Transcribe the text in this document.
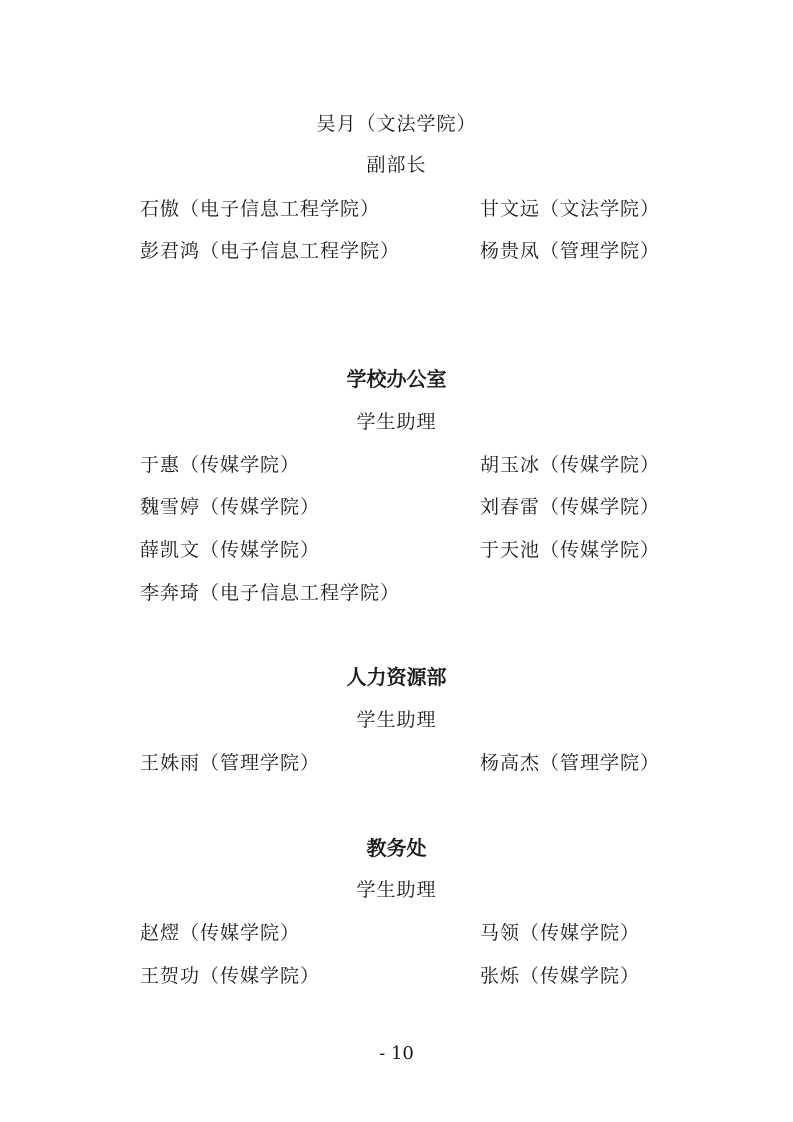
吴月（文法学院）
副部长
石傲（电子信息工程学院）	甘文远（文法学院）
彭君鸿（电子信息工程学院）	杨贵凤（管理学院）
学校办公室
学生助理
于惠（传媒学院）	胡玉冰（传媒学院）
魏雪婷（传媒学院）	刘春雷（传媒学院）
薛凯文（传媒学院）	于天池（传媒学院）
李奔琦（电子信息工程学院）
人力资源部
学生助理
王姝雨（管理学院）	杨高杰（管理学院）
教务处
学生助理
赵熤（传媒学院）	马领（传媒学院）
王贺功（传媒学院）	张烁（传媒学院）
- 10
